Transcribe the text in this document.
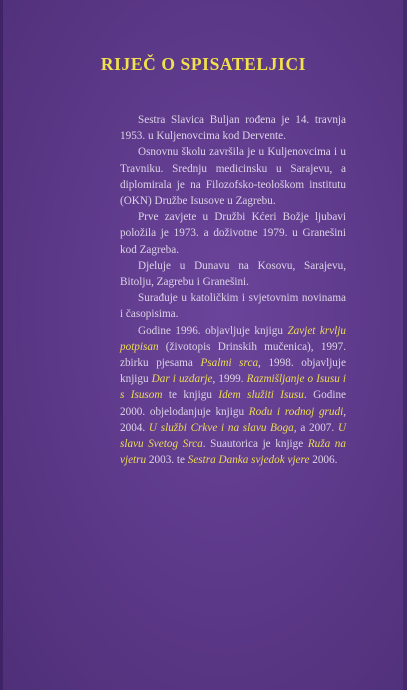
RIJEČ O SPISATELJICI

Sestra Slavica Buljan rođena je 14. travnja 1953. u Kuljenovcima kod Dervente.

Osnovnu školu završila je u Kuljenovcima i u Travniku. Srednju medicinsku u Sarajevu, a diplomirala je na Filozofsko-teološkom institutu (OKN) Družbe Isusove u Zagrebu.

Prve zavjete u Družbi Kćeri Božje ljubavi položila je 1973. a doživotne 1979. u Granešini kod Zagreba.

Djeluje u Dunavu na Kosovu, Sarajevu, Bitolju, Zagrebu i Granešini.

Surađuje u katoličkim i svjetovnim novinama i časopisima.

Godine 1996. objavljuje knjigu Zavjet krvlju potpisan (životopis Drinskih mučenica), 1997. zbirku pjesama Psalmi srca, 1998. objavljuje knjigu Dar i uzdarje, 1999. Razmišljanje o Isusu i s Isusom te knjigu Idem služiti Isusu. Godine 2000. objelodanjuje knjigu Rodu i rodnoj grudi, 2004. U službi Crkve i na slavu Boga, a 2007. U slavu Svetog Srca. Suautorica je knjige Ruža na vjetru 2003. te Sestra Danka svjedok vjere 2006.
